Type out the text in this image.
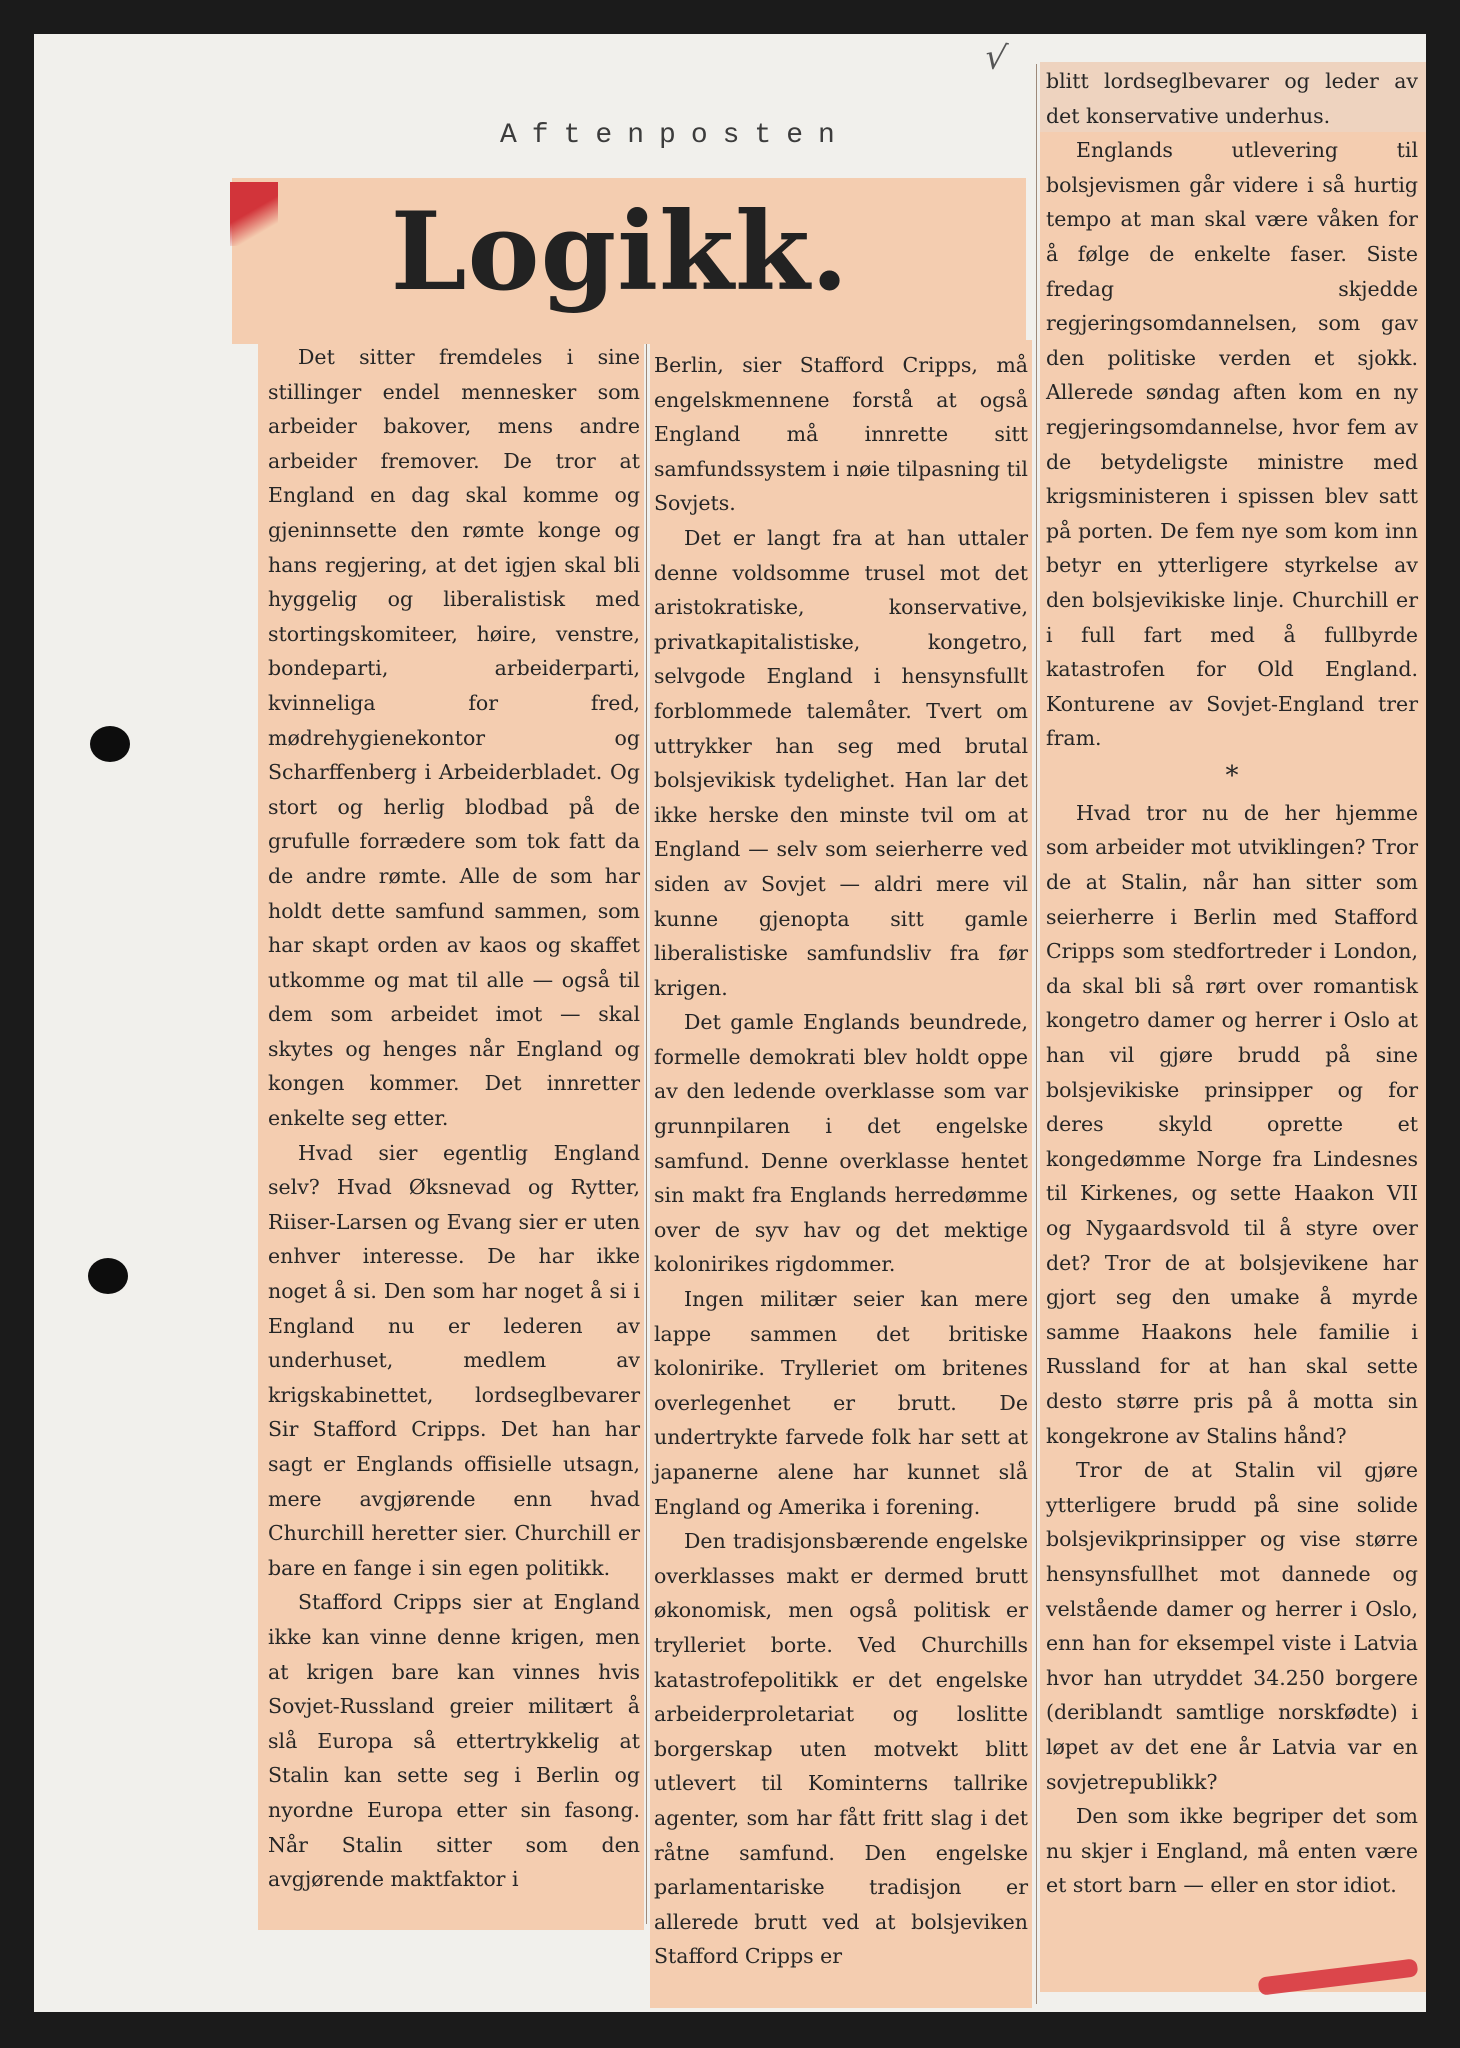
√
Aftenposten
Logikk.

Det sitter fremdeles i sine stillinger endel mennesker som arbeider bakover, mens andre arbeider fremover. De tror at England en dag skal komme og gjeninnsette den rømte konge og hans regjering, at det igjen skal bli hyggelig og liberalistisk med stortingskomiteer, høire, venstre, bondeparti, arbeiderparti, kvinneliga for fred, mødrehygienekontor og Scharffenberg i Arbeiderbladet. Og stort og herlig blodbad på de grufulle forrædere som tok fatt da de andre rømte. Alle de som har holdt dette samfund sammen, som har skapt orden av kaos og skaffet utkomme og mat til alle — også til dem som arbeidet imot — skal skytes og henges når England og kongen kommer. Det innretter enkelte seg etter.

Hvad sier egentlig England selv? Hvad Øksnevad og Rytter, Riiser-Larsen og Evang sier er uten enhver interesse. De har ikke noget å si. Den som har noget å si i England nu er lederen av underhuset, medlem av krigskabinettet, lordseglbevarer Sir Stafford Cripps. Det han har sagt er Englands offisielle utsagn, mere avgjørende enn hvad Churchill heretter sier. Churchill er bare en fange i sin egen politikk.

Stafford Cripps sier at England ikke kan vinne denne krigen, men at krigen bare kan vinnes hvis Sovjet-Russland greier militært å slå Europa så ettertrykkelig at Stalin kan sette seg i Berlin og nyordne Europa etter sin fasong. Når Stalin sitter som den avgjørende maktfaktor i

Berlin, sier Stafford Cripps, må engelskmennene forstå at også England må innrette sitt samfundssystem i nøie tilpasning til Sovjets.

Det er langt fra at han uttaler denne voldsomme trusel mot det aristokratiske, konservative, privatkapitalistiske, kongetro, selvgode England i hensynsfullt forblommede talemåter. Tvert om uttrykker han seg med brutal bolsjevikisk tydelighet. Han lar det ikke herske den minste tvil om at England — selv som seierherre ved siden av Sovjet — aldri mere vil kunne gjenopta sitt gamle liberalistiske samfundsliv fra før krigen.

Det gamle Englands beundrede, formelle demokrati blev holdt oppe av den ledende overklasse som var grunnpilaren i det engelske samfund. Denne overklasse hentet sin makt fra Englands herredømme over de syv hav og det mektige kolonirikes rigdommer.

Ingen militær seier kan mere lappe sammen det britiske kolonirike. Trylleriet om britenes overlegenhet er brutt. De undertrykte farvede folk har sett at japanerne alene har kunnet slå England og Amerika i forening.

Den tradisjonsbærende engelske overklasses makt er dermed brutt økonomisk, men også politisk er trylleriet borte. Ved Churchills katastrofepolitikk er det engelske arbeiderproletariat og loslitte borgerskap uten motvekt blitt utlevert til Kominterns tallrike agenter, som har fått fritt slag i det råtne samfund. Den engelske parlamentariske tradisjon er allerede brutt ved at bolsjeviken Stafford Cripps er

blitt lordseglbevarer og leder av det konservative underhus.

Englands utlevering til bolsjevismen går videre i så hurtig tempo at man skal være våken for å følge de enkelte faser. Siste fredag skjedde regjeringsomdannelsen, som gav den politiske verden et sjokk. Allerede søndag aften kom en ny regjeringsomdannelse, hvor fem av de betydeligste ministre med krigsministeren i spissen blev satt på porten. De fem nye som kom inn betyr en ytterligere styrkelse av den bolsjevikiske linje. Churchill er i full fart med å fullbyrde katastrofen for Old England. Konturene av Sovjet-England trer fram.

*

Hvad tror nu de her hjemme som arbeider mot utviklingen? Tror de at Stalin, når han sitter som seierherre i Berlin med Stafford Cripps som stedfortreder i London, da skal bli så rørt over romantisk kongetro damer og herrer i Oslo at han vil gjøre brudd på sine bolsjevikiske prinsipper og for deres skyld oprette et kongedømme Norge fra Lindesnes til Kirkenes, og sette Haakon VII og Nygaardsvold til å styre over det? Tror de at bolsjevikene har gjort seg den umake å myrde samme Haakons hele familie i Russland for at han skal sette desto større pris på å motta sin kongekrone av Stalins hånd?

Tror de at Stalin vil gjøre ytterligere brudd på sine solide bolsjevikprinsipper og vise større hensynsfullhet mot dannede og velstående damer og herrer i Oslo, enn han for eksempel viste i Latvia hvor han utryddet 34.250 borgere (deriblandt samtlige norskfødte) i løpet av det ene år Latvia var en sovjetrepublikk?

Den som ikke begriper det som nu skjer i England, må enten være et stort barn — eller en stor idiot.
